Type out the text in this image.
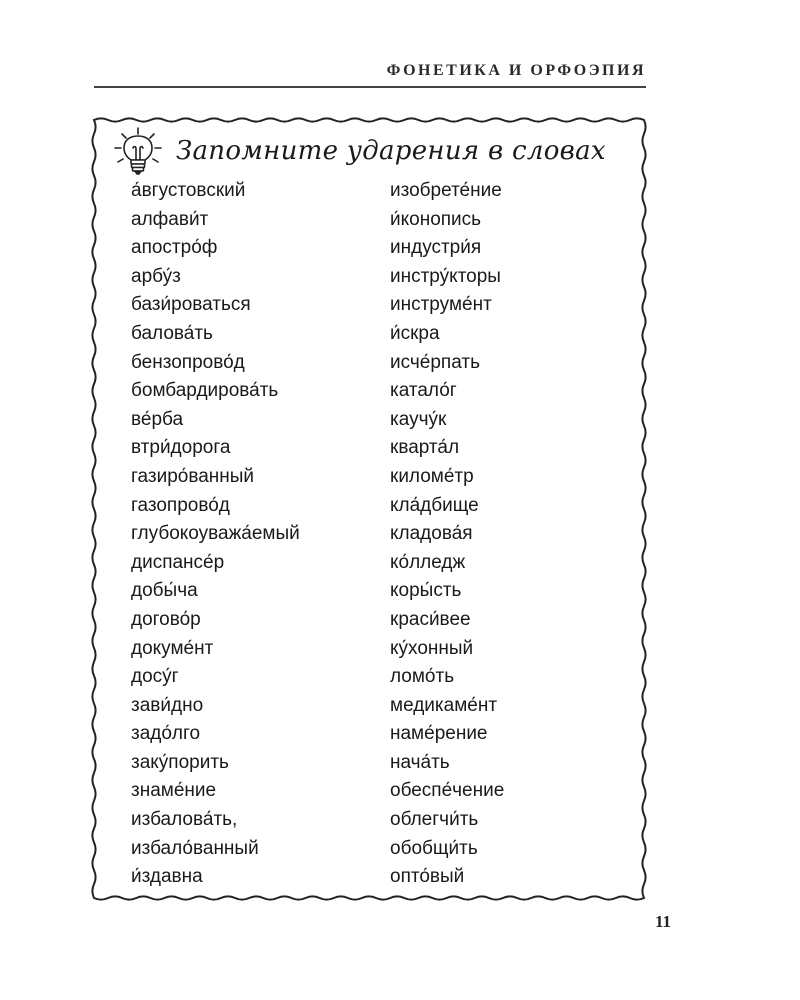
ФОНЕТИКА И ОРФОЭПИЯ
Запомните ударения в словах
а́вгустовский
алфави́т
апостро́ф
арбу́з
бази́роваться
балова́ть
бензопрово́д
бомбардирова́ть
ве́рба
втри́дорога
газиро́ванный
газопрово́д
глубокоуважа́емый
диспансе́р
добы́ча
догово́р
докуме́нт
досу́г
зави́дно
задо́лго
заку́порить
знаме́ние
избалова́ть,
избало́ванный
и́здавна
изобрете́ние
и́конопись
индустри́я
инстру́кторы
инструме́нт
и́скра
исче́рпать
катало́г
каучу́к
кварта́л
киломе́тр
кла́дбище
кладова́я
ко́лледж
коры́сть
краси́вее
ку́хонный
ломо́ть
медикаме́нт
наме́рение
нача́ть
обеспе́чение
облегчи́ть
обобщи́ть
опто́вый
11
